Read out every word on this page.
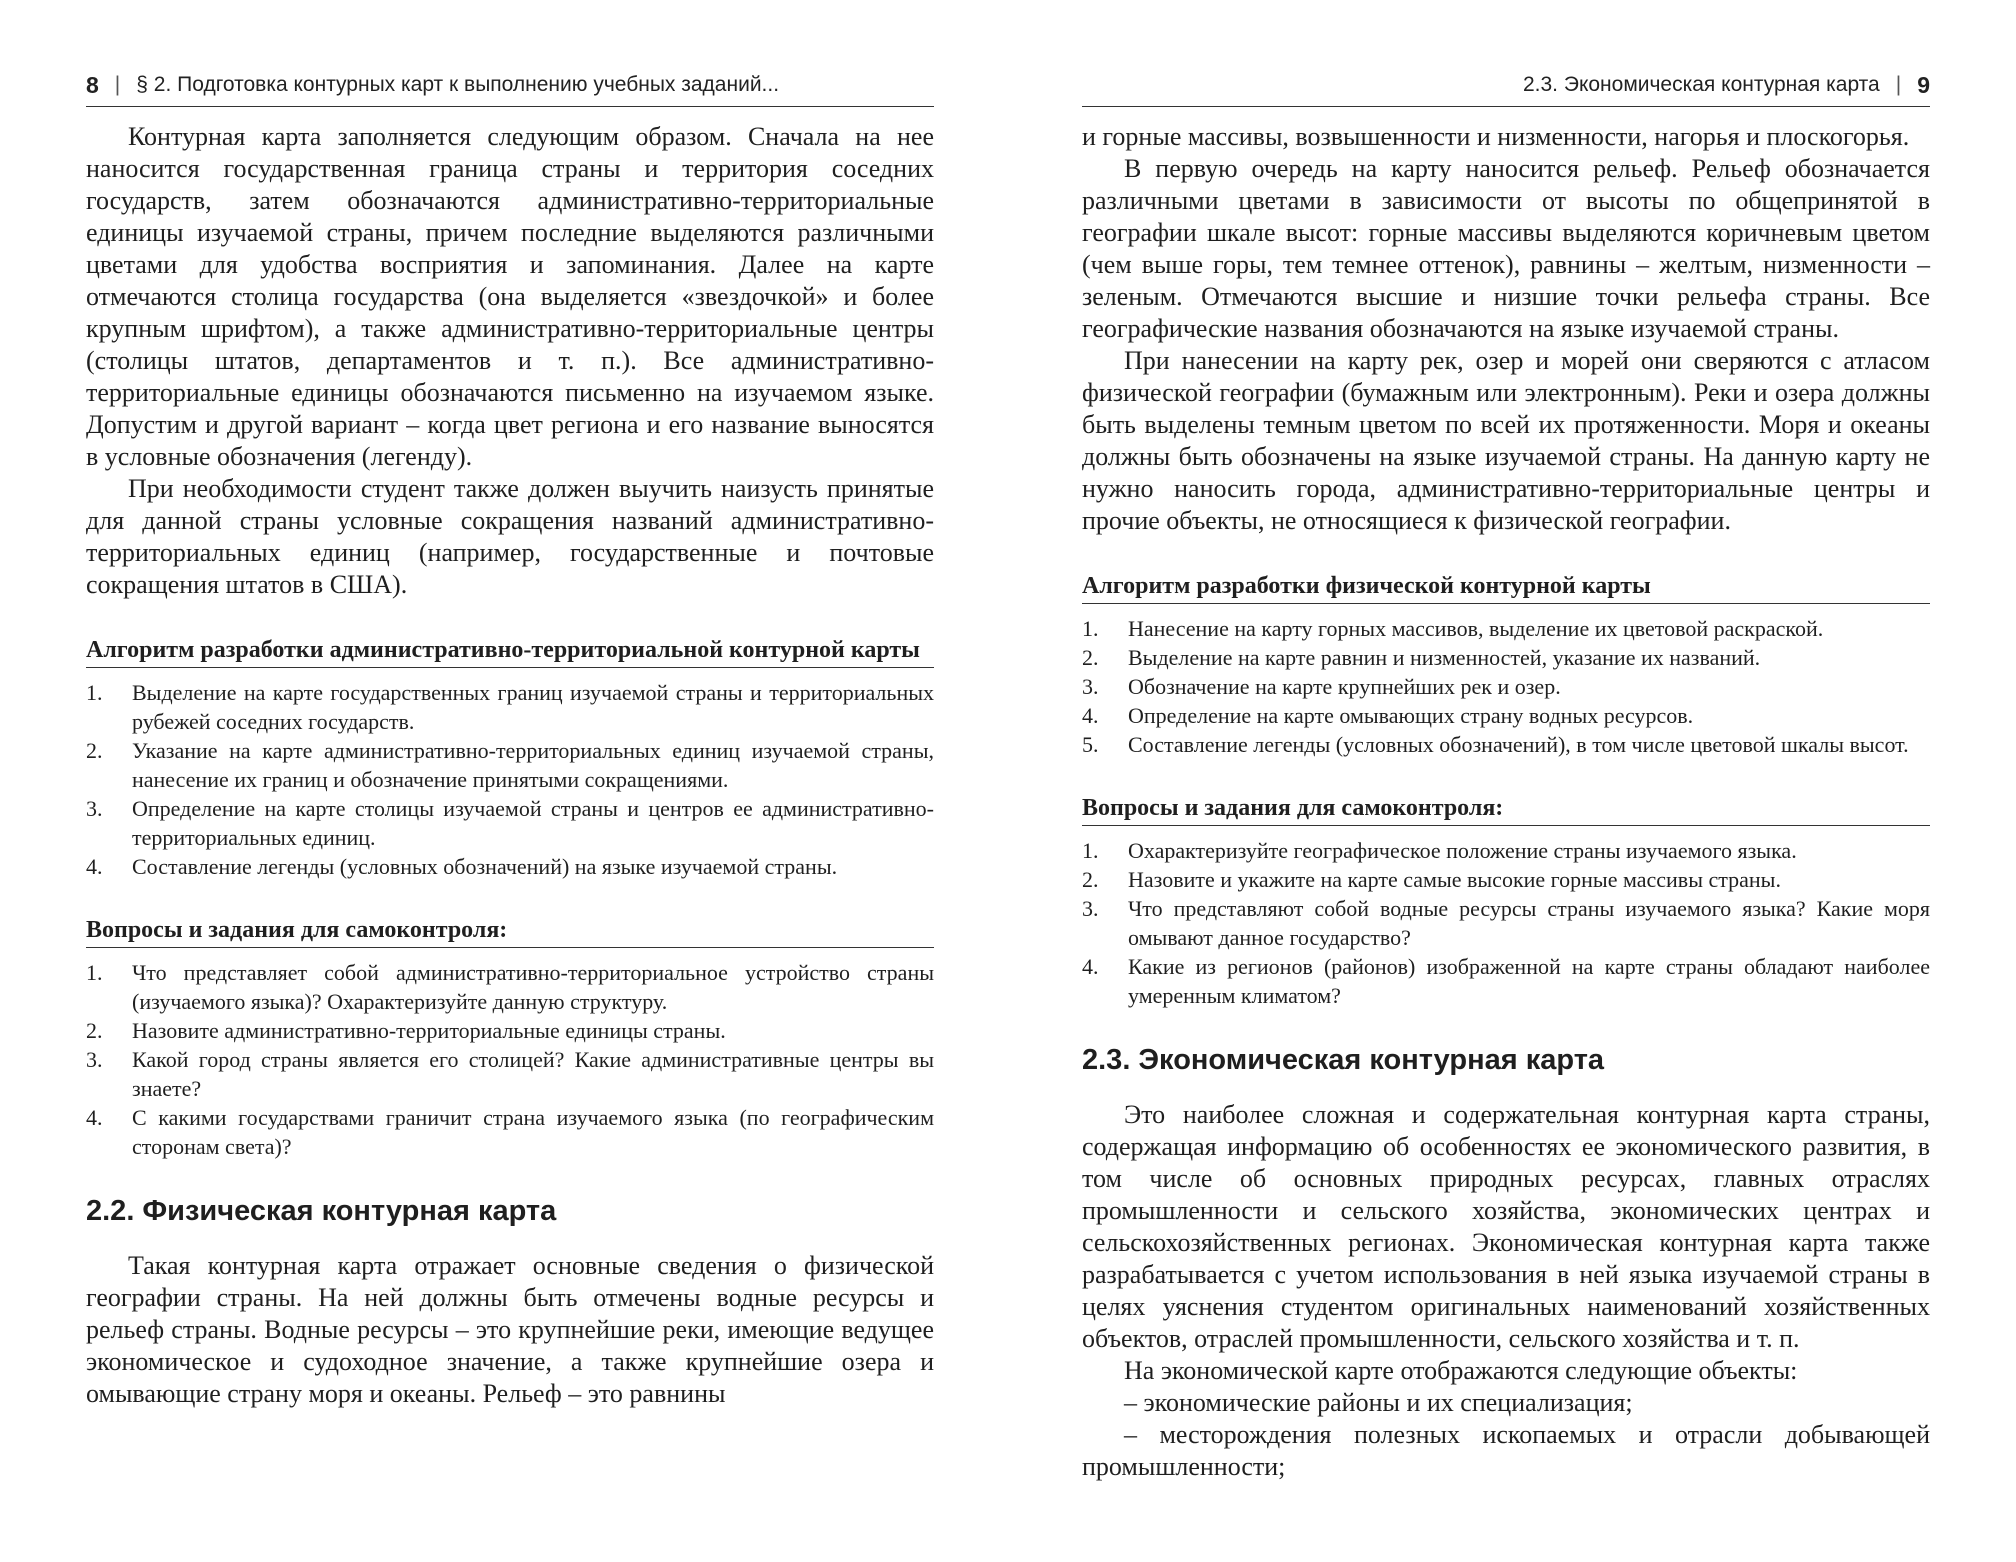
8 | § 2. Подготовка контурных карт к выполнению учебных заданий...

Контурная карта заполняется следующим образом. Сначала на нее наносится государственная граница страны и территория соседних государств, затем обозначаются административно-территориальные единицы изучаемой страны, причем последние выделяются различными цветами для удобства восприятия и запоминания. Далее на карте отмечаются столица государства (она выделяется «звездочкой» и более крупным шрифтом), а также административно-территориальные центры (столицы штатов, департаментов и т. п.). Все административно-территориальные единицы обозначаются письменно на изучаемом языке. Допустим и другой вариант – когда цвет региона и его название выносятся в условные обозначения (легенду).

При необходимости студент также должен выучить наизусть принятые для данной страны условные сокращения названий административно-территориальных единиц (например, государственные и почтовые сокращения штатов в США).

Алгоритм разработки административно-территориальной контурной карты
1.	Выделение на карте государственных границ изучаемой страны и территориальных рубежей соседних государств.
2.	Указание на карте административно-территориальных единиц изучаемой страны, нанесение их границ и обозначение принятыми сокращениями.
3.	Определение на карте столицы изучаемой страны и центров ее административно-территориальных единиц.
4.	Составление легенды (условных обозначений) на языке изучаемой страны.
Вопросы и задания для самоконтроля:
1.	Что представляет собой административно-территориальное устройство страны (изучаемого языка)? Охарактеризуйте данную структуру.
2.	Назовите административно-территориальные единицы страны.
3.	Какой город страны является его столицей? Какие административные центры вы знаете?
4.	С какими государствами граничит страна изучаемого языка (по географическим сторонам света)?
2.2. Физическая контурная карта

Такая контурная карта отражает основные сведения о физической географии страны. На ней должны быть отмечены водные ресурсы и рельеф страны. Водные ресурсы – это крупнейшие реки, имеющие ведущее экономическое и судоходное значение, а также крупнейшие озера и омывающие страну моря и океаны. Рельеф – это равнины

2.3. Экономическая контурная карта | 9

и горные массивы, возвышенности и низменности, нагорья и плоскогорья.

В первую очередь на карту наносится рельеф. Рельеф обозначается различными цветами в зависимости от высоты по общепринятой в географии шкале высот: горные массивы выделяются коричневым цветом (чем выше горы, тем темнее оттенок), равнины – желтым, низменности – зеленым. Отмечаются высшие и низшие точки рельефа страны. Все географические названия обозначаются на языке изучаемой страны.

При нанесении на карту рек, озер и морей они сверяются с атласом физической географии (бумажным или электронным). Реки и озера должны быть выделены темным цветом по всей их протяженности. Моря и океаны должны быть обозначены на языке изучаемой страны. На данную карту не нужно наносить города, административно-территориальные центры и прочие объекты, не относящиеся к физической географии.

Алгоритм разработки физической контурной карты
1.	Нанесение на карту горных массивов, выделение их цветовой раскраской.
2.	Выделение на карте равнин и низменностей, указание их названий.
3.	Обозначение на карте крупнейших рек и озер.
4.	Определение на карте омывающих страну водных ресурсов.
5.	Составление легенды (условных обозначений), в том числе цветовой шкалы высот.
Вопросы и задания для самоконтроля:
1.	Охарактеризуйте географическое положение страны изучаемого языка.
2.	Назовите и укажите на карте самые высокие горные массивы страны.
3.	Что представляют собой водные ресурсы страны изучаемого языка? Какие моря омывают данное государство?
4.	Какие из регионов (районов) изображенной на карте страны обладают наиболее умеренным климатом?
2.3. Экономическая контурная карта

Это наиболее сложная и содержательная контурная карта страны, содержащая информацию об особенностях ее экономического развития, в том числе об основных природных ресурсах, главных отраслях промышленности и сельского хозяйства, экономических центрах и сельскохозяйственных регионах. Экономическая контурная карта также разрабатывается с учетом использования в ней языка изучаемой страны в целях уяснения студентом оригинальных наименований хозяйственных объектов, отраслей промышленности, сельского хозяйства и т. п.

На экономической карте отображаются следующие объекты:

– экономические районы и их специализация;

– месторождения полезных ископаемых и отрасли добывающей промышленности;
